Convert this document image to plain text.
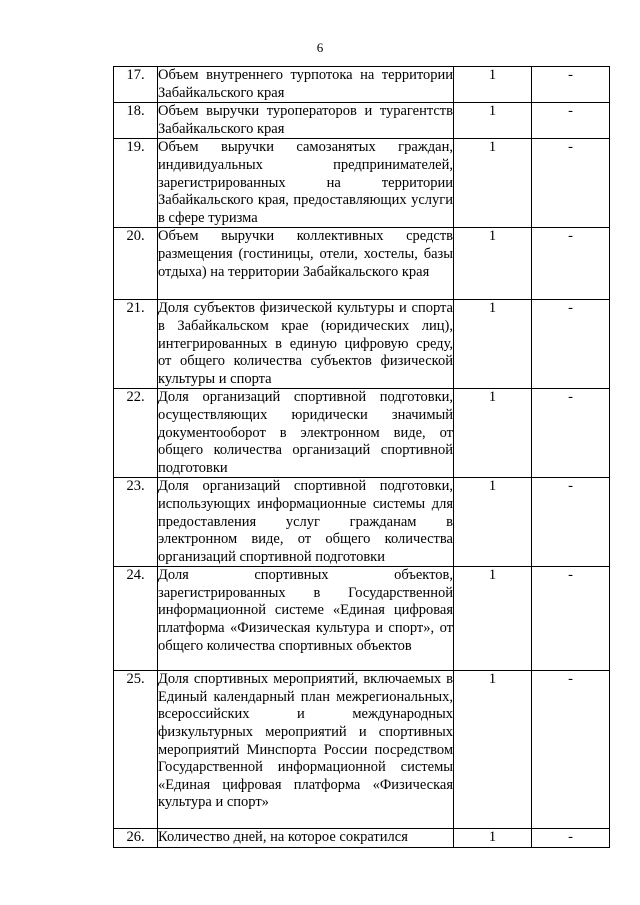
6
17.	Объем внутреннего турпотока на территории Забайкальского края	1	-
18.	Объем выручки туроператоров и турагентств Забайкальского края	1	-
19.	Объем выручки самозанятых граждан, индивидуальных предпринимателей, зарегистрированных на территории Забайкальского края, предоставляющих услуги в сфере туризма	1	-
20.	Объем выручки коллективных средств размещения (гостиницы, отели, хостелы, базы отдыха) на территории Забайкальского края	1	-
21.	Доля субъектов физической культуры и спорта в Забайкальском крае (юридических лиц), интегрированных в единую цифровую среду, от общего количества субъектов физической культуры и спорта	1	-
22.	Доля организаций спортивной подготовки, осуществляющих юридически значимый документооборот в электронном виде, от общего количества организаций спортивной подготовки	1	-
23.	Доля организаций спортивной подготовки, использующих информационные системы для предоставления услуг гражданам в электронном виде, от общего количества организаций спортивной подготовки	1	-
24.	Доля спортивных объектов, зарегистрированных в Государственной информационной системе «Единая цифровая платформа «Физическая культура и спорт», от общего количества спортивных объектов	1	-
25.	Доля спортивных мероприятий, включаемых в Единый календарный план межрегиональных, всероссийских и международных физкультурных мероприятий и спортивных мероприятий Минспорта России посредством Государственной информационной системы «Единая цифровая платформа «Физическая культура и спорт»	1	-
26.	Количество дней, на которое сократился	1	-
